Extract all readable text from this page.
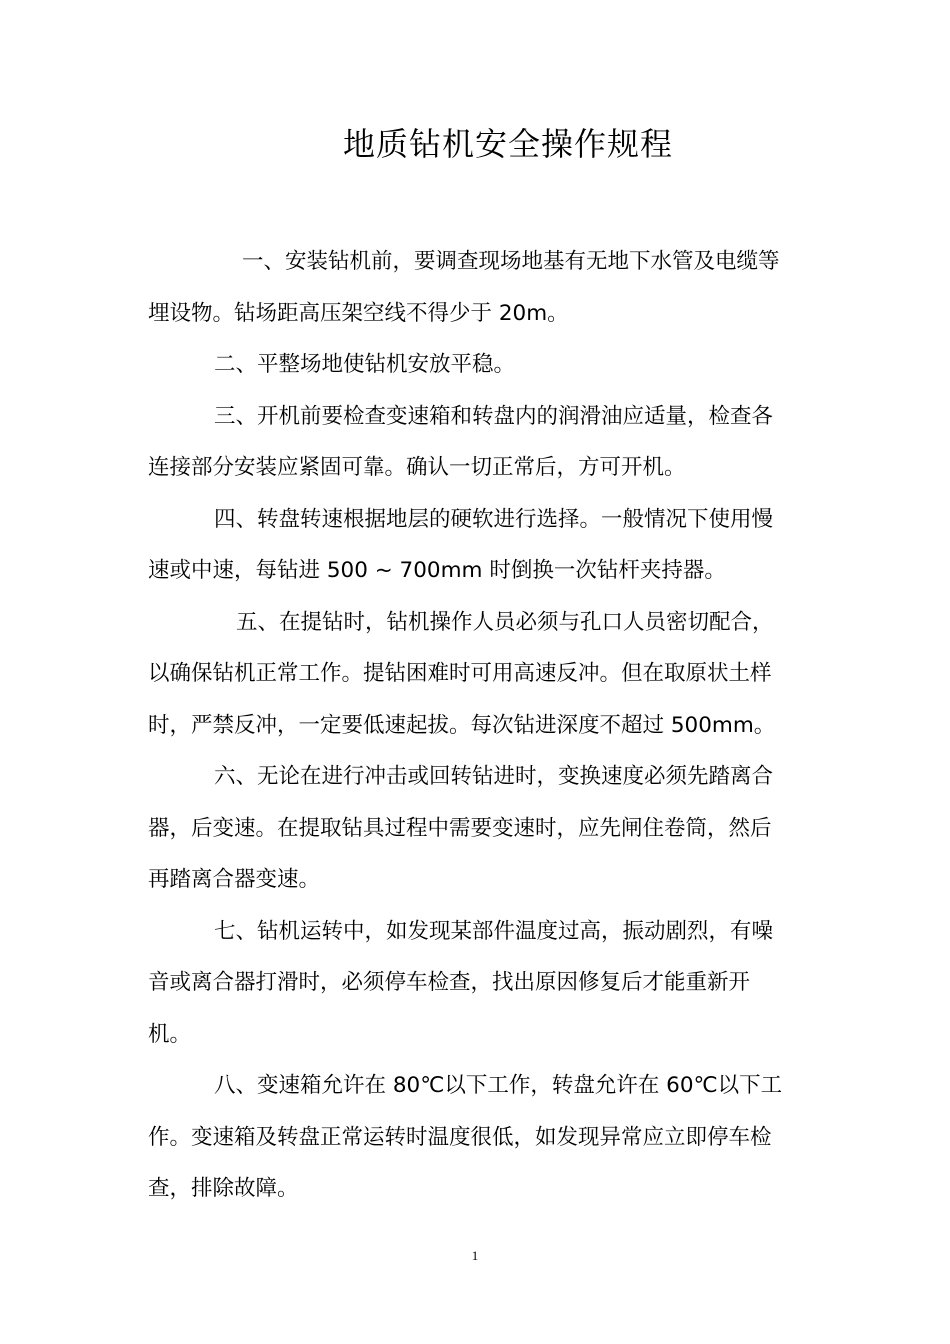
地质钻机安全操作规程
一、安装钻机前，要调查现场地基有无地下水管及电缆等
埋设物。钻场距高压架空线不得少于 20m。
二、平整场地使钻机安放平稳。
三、开机前要检查变速箱和转盘内的润滑油应适量，检查各
连接部分安装应紧固可靠。确认一切正常后，方可开机。
四、转盘转速根据地层的硬软进行选择。一般情况下使用慢
速或中速，每钻进 500 ~ 700mm 时倒换一次钻杆夹持器。
五、在提钻时，钻机操作人员必须与孔口人员密切配合，
以确保钻机正常工作。提钻困难时可用高速反冲。但在取原状土样
时，严禁反冲，一定要低速起拔。每次钻进深度不超过 500mm。
六、无论在进行冲击或回转钻进时，变换速度必须先踏离合
器，后变速。在提取钻具过程中需要变速时，应先闸住卷筒，然后
再踏离合器变速。
七、钻机运转中，如发现某部件温度过高，振动剧烈，有噪
音或离合器打滑时，必须停车检查，找出原因修复后才能重新开
机。
八、变速箱允许在 80℃以下工作，转盘允许在 60℃以下工
作。变速箱及转盘正常运转时温度很低，如发现异常应立即停车检
查，排除故障。
1
